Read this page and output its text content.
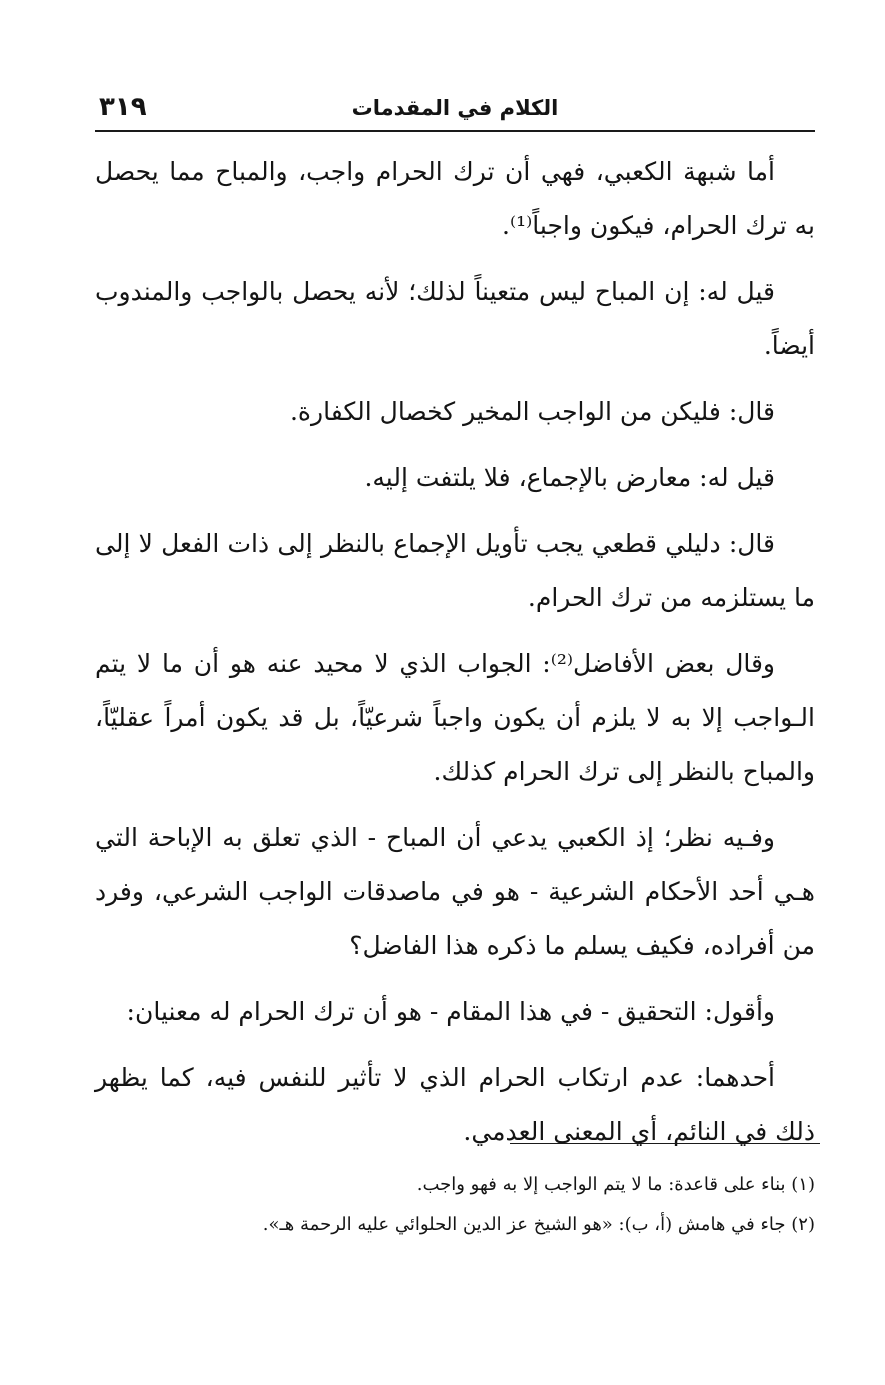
٣١٩	الكلام في المقدمات

أما شبهة الكعبي، فهي أن ترك الحرام واجب، والمباح مما يحصل به ترك الحرام، فيكون واجباً⁽¹⁾.

قيل له: إن المباح ليس متعيناً لذلك؛ لأنه يحصل بالواجب والمندوب أيضاً.

قال: فليكن من الواجب المخير كخصال الكفارة.

قيل له: معارض بالإجماع، فلا يلتفت إليه.

قال: دليلي قطعي يجب تأويل الإجماع بالنظر إلى ذات الفعل لا إلى ما يستلزمه من ترك الحرام.

وقال بعض الأفاضل⁽²⁾: الجواب الذي لا محيد عنه هو أن ما لا يتم الـواجب إلا به لا يلزم أن يكون واجباً شرعيّاً، بل قد يكون أمراً عقليّاً، والمباح بالنظر إلى ترك الحرام كذلك.

وفـيه نظر؛ إذ الكعبي يدعي أن المباح - الذي تعلق به الإباحة التي هـي أحد الأحكام الشرعية - هو في ماصدقات الواجب الشرعي، وفرد من أفراده، فكيف يسلم ما ذكره هذا الفاضل؟

وأقول: التحقيق - في هذا المقام - هو أن ترك الحرام له معنيان:

أحدهما: عدم ارتكاب الحرام الذي لا تأثير للنفس فيه، كما يظهر ذلك في النائم، أي المعنى العدمي.

(١) بناء على قاعدة: ما لا يتم الواجب إلا به فهو واجب.

(٢) جاء في هامش (أ، ب): «هو الشيخ عز الدين الحلوائي عليه الرحمة هـ».
